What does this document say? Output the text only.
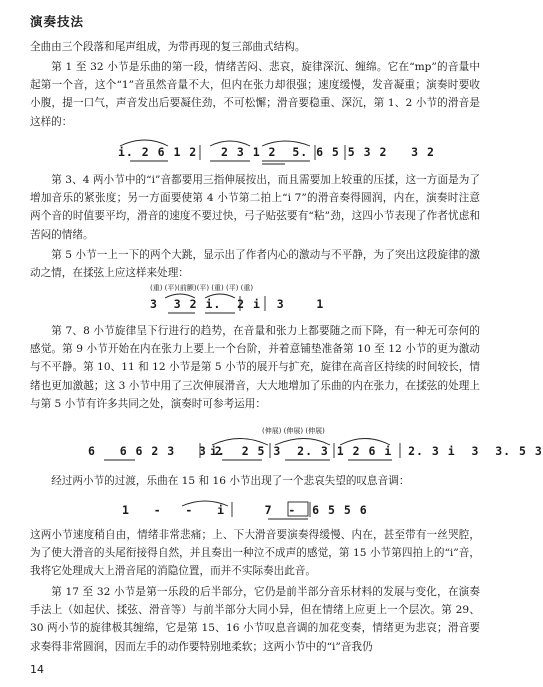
演奏技法
全曲由三个段落和尾声组成，为带再现的复三部曲式结构。
第 1 至 32 小节是乐曲的第一段，情绪苦闷、悲哀，旋律深沉、缠绵。它在“mp”的音量中起第一个音，这个“1”音虽然音量不大，但内在张力却很强；速度缓慢，发音凝重；演奏时要收小腹，提一口气，声音发出后要凝住劲，不可松懈；滑音要稳重、深沉，第 1、2 小节的滑音是这样的：
i. 2 6 1 2   2 3 1 2  5. 6 5 5 3 2   3 2
第 3、4 两小节中的“i”音都要用三指伸展按出，而且需要加上较重的压揉，这一方面是为了增加音乐的紧张度；另一方面要使第 4 小节第二拍上“i 7”的滑音奏得圆润，内在，演奏时注意两个音的时值要平均，滑音的速度不要过快，弓子贴弦要有“粘”劲，这四小节表现了作者忧虑和苦闷的情绪。
第 5 小节一上一下的两个大跳，显示出了作者内心的激动与不平静，为了突出这段旋律的激动之情，在揉弦上应这样来处理：
(重) (平)(前颤)(平) (重) (平) (重)
3  3 2 i.  2 i  3    1
第 7、8 小节旋律呈下行进行的趋势，在音量和张力上都要随之而下降，有一种无可奈何的感觉。第 9 小节开始在内在张力上要上一个台阶，并着意铺垫准备第 10 至 12 小节的更为激动与不平静。第 10、11 和 12 小节是第 5 小节的展开与扩充，旋律在高音区持续的时间较长，情绪也更加激越；这 3 小节中用了三次伸展滑音，大大地增加了乐曲的内在张力，在揉弦的处理上与第 5 小节有许多共同之处，演奏时可参考运用：
(伸展) (伸展) (伸展)
6   6 6 2 3   3 2
i.  2 5 3  2. 3 1 2 6 i  2. 3 i  3  3. 5 3
经过两小节的过渡，乐曲在 15 和 16 小节出现了一个悲哀失望的叹息音调：
1   -   -   i     7  -  6 5 5 6
这两小节速度稍自由，情绪非常悲痛；上、下大滑音要演奏得缓慢、内在，甚至带有一丝哭腔，为了使大滑音的头尾衔接得自然，并且奏出一种泣不成声的感觉，第 15 小节第四拍上的“i”音，我将它处理成大上滑音尾的消隐位置，而并不实际奏出此音。
第 17 至 32 小节是第一乐段的后半部分，它仍是前半部分音乐材料的发展与变化，在演奏手法上（如起伏、揉弦、滑音等）与前半部分大同小异，但在情绪上应更上一个层次。第 29、30 两小节的旋律极其缠绵，它是第 15、16 小节叹息音调的加花变奏，情绪更为悲哀；滑音要求奏得非常圆润，因而左手的动作要特别地柔软；这两小节中的“i”音我仍
14
